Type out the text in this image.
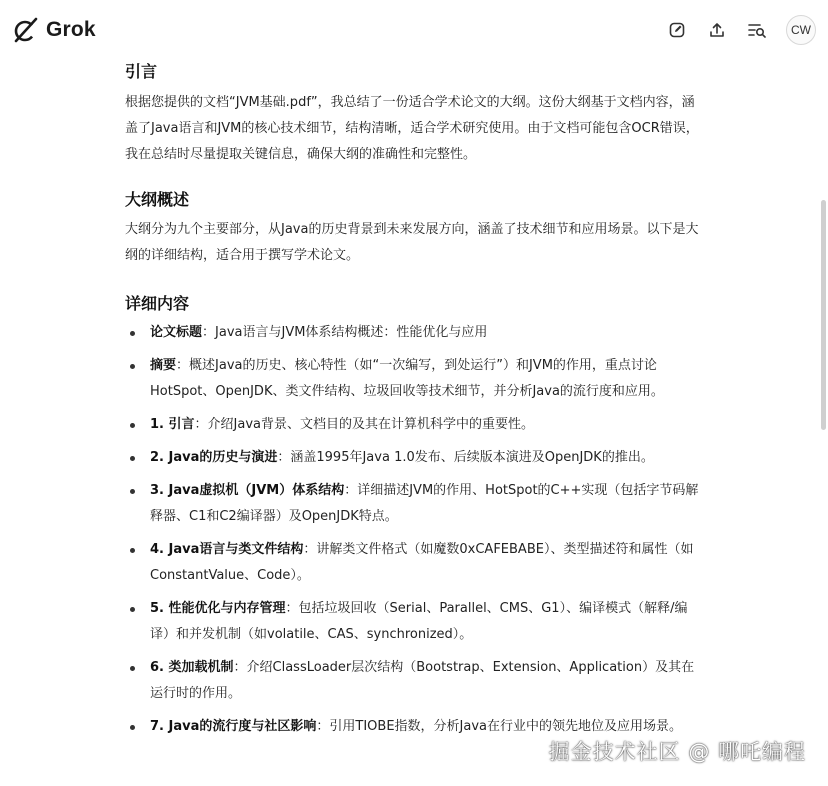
Grok	CW
引言

根据您提供的文档“JVM基础.pdf”，我总结了一份适合学术论文的大纲。这份大纲基于文档内容，涵盖了Java语言和JVM的核心技术细节，结构清晰，适合学术研究使用。由于文档可能包含OCR错误，我在总结时尽量提取关键信息，确保大纲的准确性和完整性。

大纲概述

大纲分为九个主要部分，从Java的历史背景到未来发展方向，涵盖了技术细节和应用场景。以下是大纲的详细结构，适合用于撰写学术论文。

详细内容
论文标题：Java语言与JVM体系结构概述：性能优化与应用
摘要：概述Java的历史、核心特性（如“一次编写，到处运行”）和JVM的作用，重点讨论HotSpot、OpenJDK、类文件结构、垃圾回收等技术细节，并分析Java的流行度和应用。
1. 引言：介绍Java背景、文档目的及其在计算机科学中的重要性。
2. Java的历史与演进：涵盖1995年Java 1.0发布、后续版本演进及OpenJDK的推出。
3. Java虚拟机（JVM）体系结构：详细描述JVM的作用、HotSpot的C++实现（包括字节码解释器、C1和C2编译器）及OpenJDK特点。
4. Java语言与类文件结构：讲解类文件格式（如魔数0xCAFEBABE）、类型描述符和属性（如ConstantValue、Code）。
5. 性能优化与内存管理：包括垃圾回收（Serial、Parallel、CMS、G1）、编译模式（解释/编译）和并发机制（如volatile、CAS、synchronized）。
6. 类加载机制：介绍ClassLoader层次结构（Bootstrap、Extension、Application）及其在运行时的作用。
7. Java的流行度与社区影响：引用TIOBE指数，分析Java在行业中的领先地位及应用场景。
掘金技术社区 @ 哪吒编程
